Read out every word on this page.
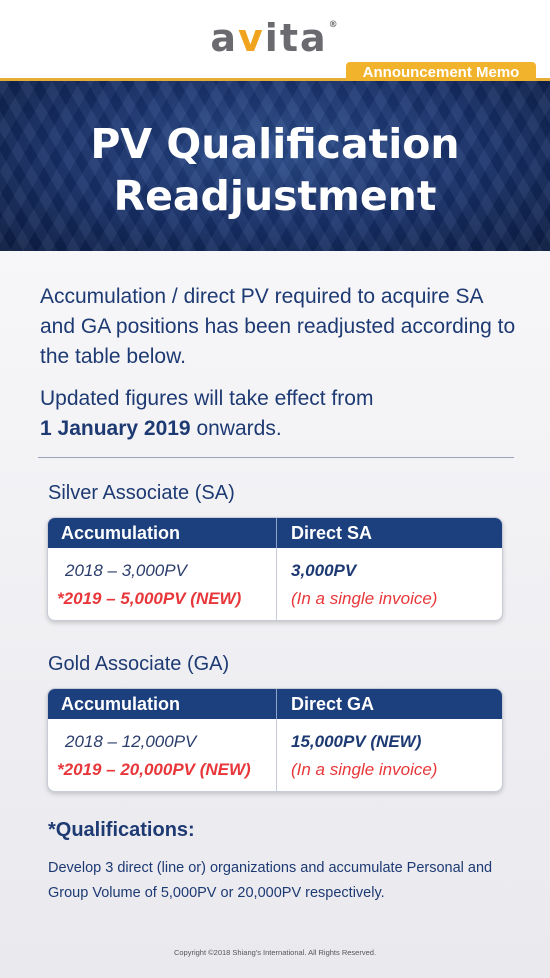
avita®
Announcement Memo
PV Qualification
Readjustment
Accumulation / direct PV required to acquire SA and GA positions has been readjusted according to the table below.
Updated figures will take effect from
1 January 2019 onwards.
Silver Associate (SA)
Accumulation	Direct SA
2018 – 3,000PV
*2019 – 5,000PV (NEW)
3,000PV
(In a single invoice)
Gold Associate (GA)
Accumulation	Direct GA
2018 – 12,000PV
*2019 – 20,000PV (NEW)
15,000PV (NEW)
(In a single invoice)
*Qualifications:
Develop 3 direct (line or) organizations and accumulate Personal and Group Volume of 5,000PV or 20,000PV respectively.
Copyright ©2018 Shiang's International. All Rights Reserved.
